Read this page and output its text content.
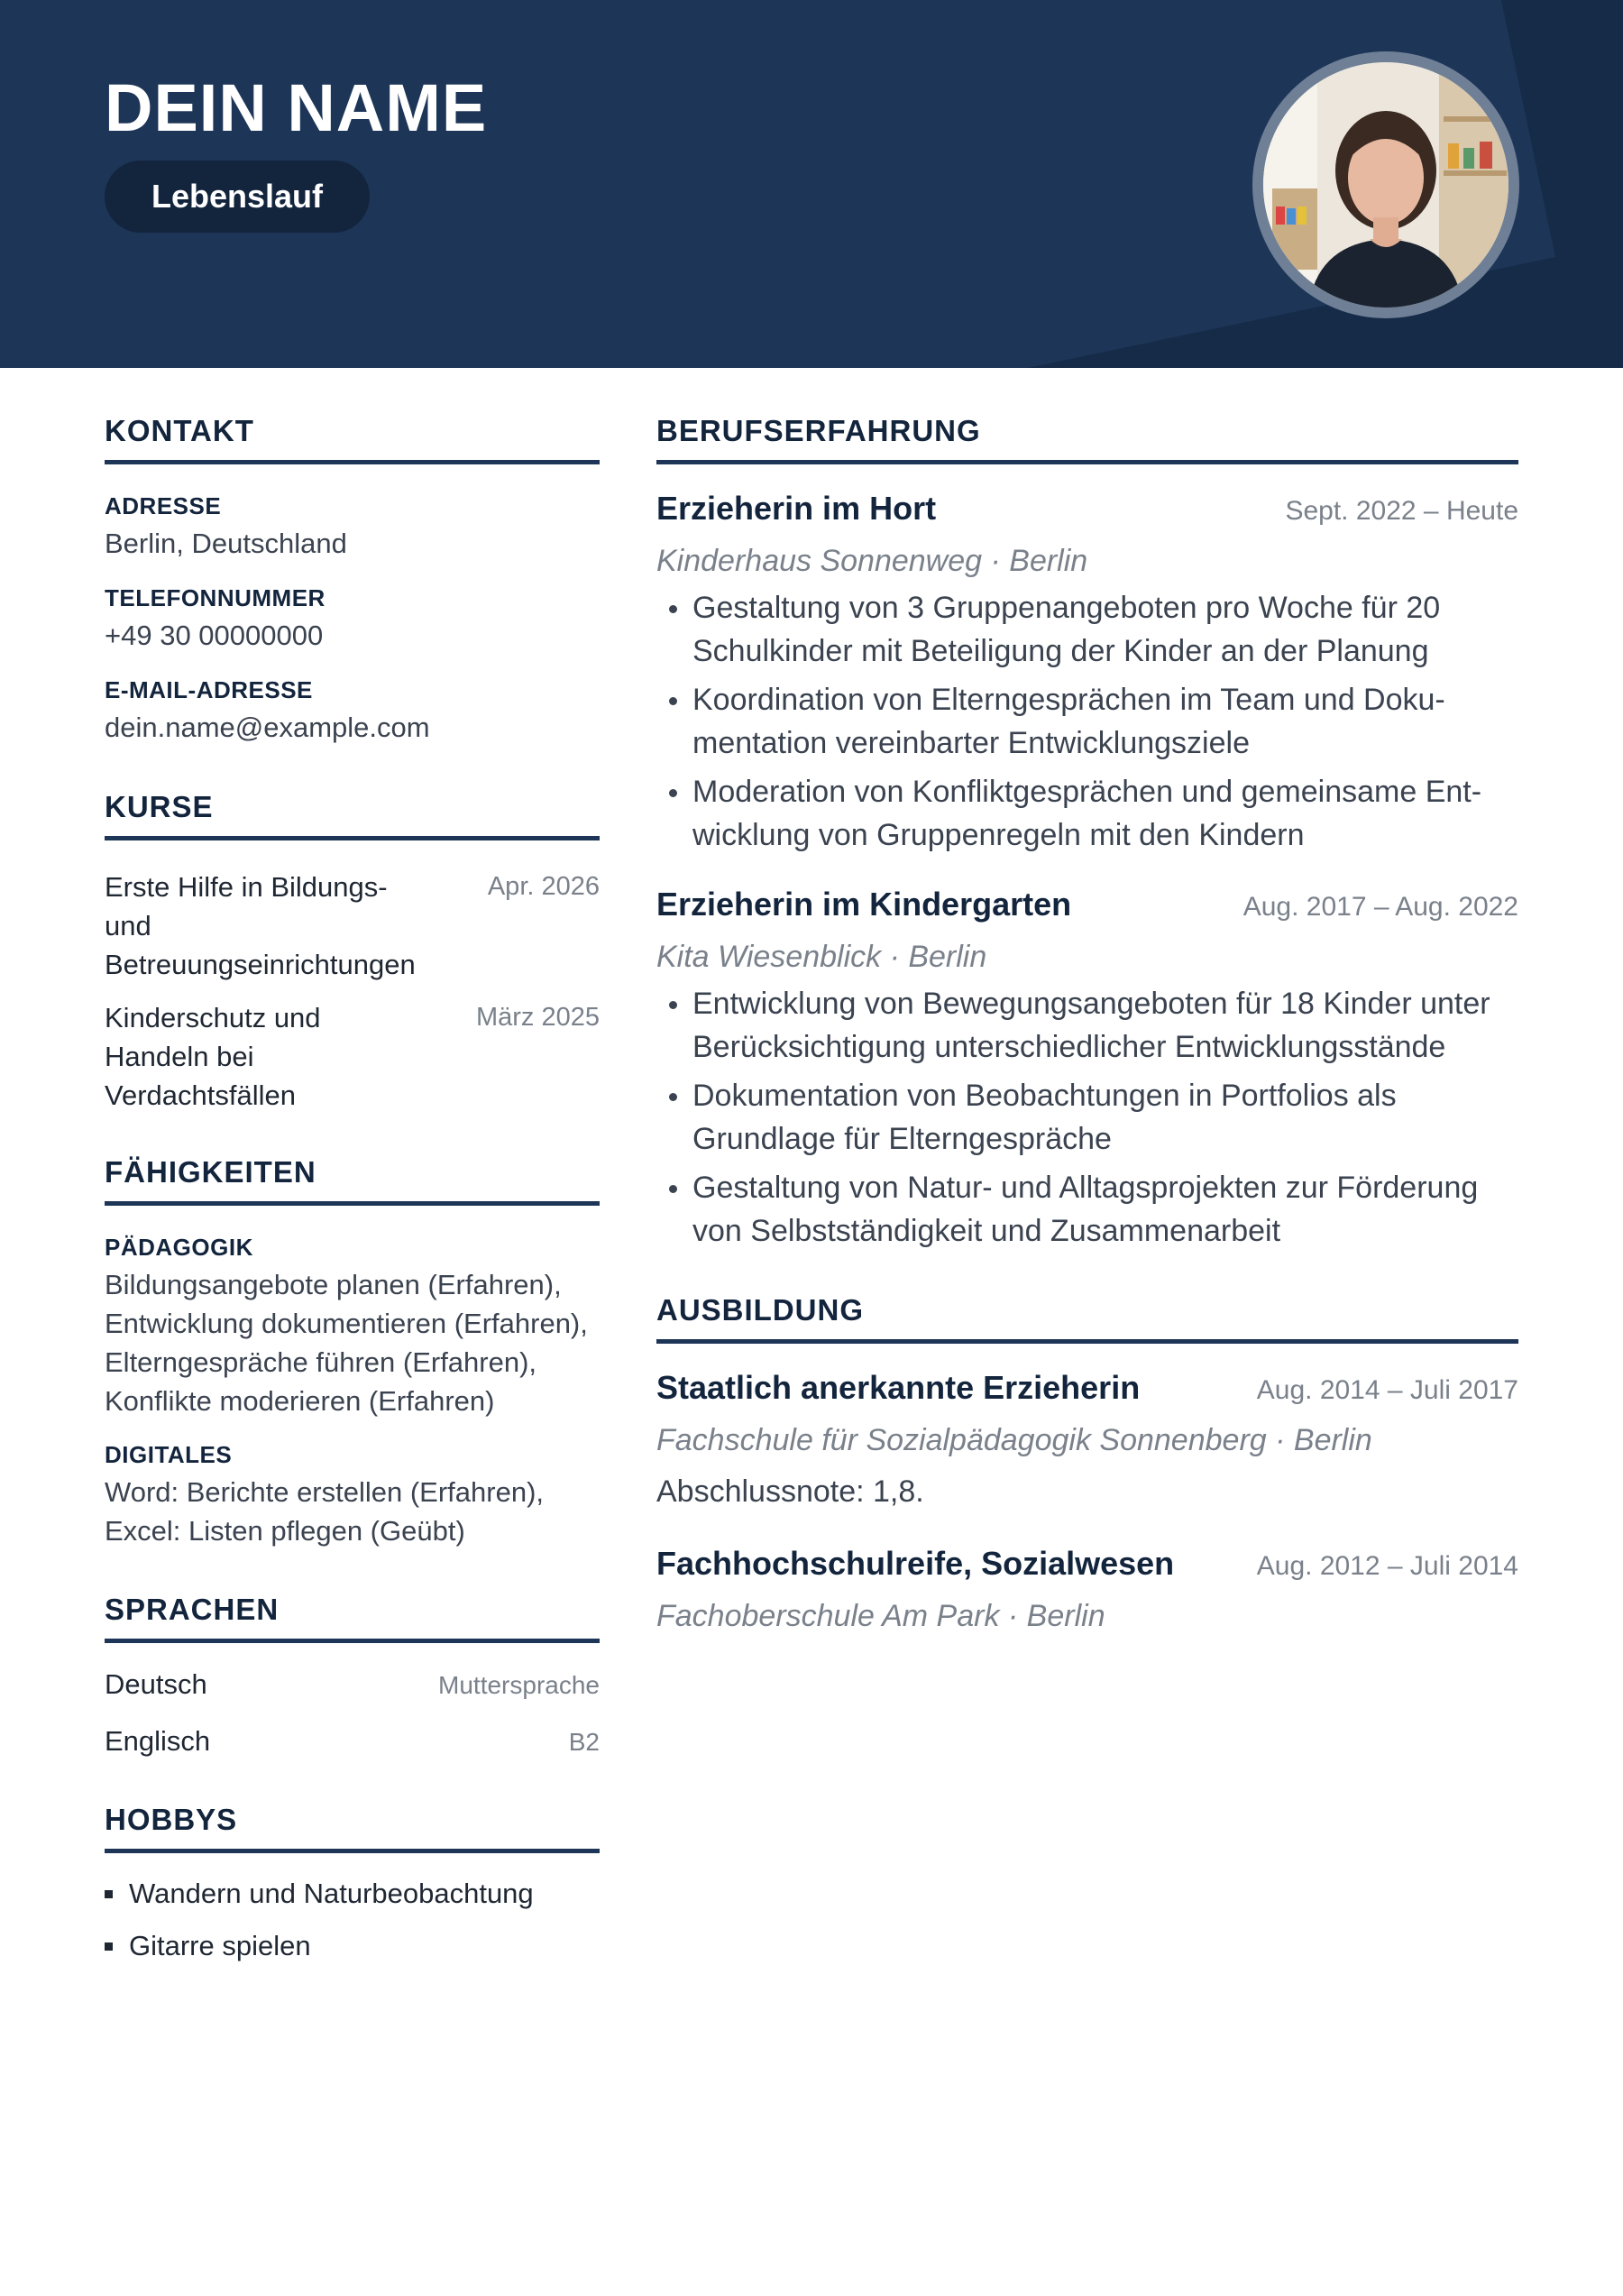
DEIN NAME
Lebenslauf
KONTAKT
ADRESSE
Berlin, Deutschland
TELEFONNUMMER
+49 30 00000000
E-MAIL-ADRESSE
dein.name@example.com
KURSE
Erste Hilfe in Bildungs- und Betreuungseinrichtungen
Apr. 2026
Kinderschutz und Handeln bei Verdachtsfällen
März 2025
FÄHIGKEITEN
PÄDAGOGIK
Bildungsangebote planen (Erfahren), Entwicklung dokumentieren (Erfahren), Elterngespräche führen (Erfahren), Konflikte moderieren (Erfahren)
DIGITALES
Word: Berichte erstellen (Erfahren), Excel: Listen pflegen (Geübt)
SPRACHEN
Deutsch	Muttersprache
Englisch	B2
HOBBYS
Wandern und Naturbeobachtung
Gitarre spielen
BERUFSERFAHRUNG
Erzieherin im Hort	Sept. 2022 – Heute
Kinderhaus Sonnenweg · Berlin
Gestaltung von 3 Gruppenangeboten pro Woche für 20 Schulkinder mit Beteiligung der Kinder an der Planung
Koordination von Elterngesprächen im Team und Dokumentation vereinbarter Entwicklungsziele
Moderation von Konfliktgesprächen und gemeinsame Entwicklung von Gruppenregeln mit den Kindern
Erzieherin im Kindergarten	Aug. 2017 – Aug. 2022
Kita Wiesenblick · Berlin
Entwicklung von Bewegungsangeboten für 18 Kinder unter Berücksichtigung unterschiedlicher Entwicklungsstände
Dokumentation von Beobachtungen in Portfolios als Grundlage für Elterngespräche
Gestaltung von Natur- und Alltagsprojekten zur Förderung von Selbstständigkeit und Zusammenarbeit
AUSBILDUNG
Staatlich anerkannte Erzieherin	Aug. 2014 – Juli 2017
Fachschule für Sozialpädagogik Sonnenberg · Berlin
Abschlussnote: 1,8.
Fachhochschulreife, Sozialwesen	Aug. 2012 – Juli 2014
Fachoberschule Am Park · Berlin
